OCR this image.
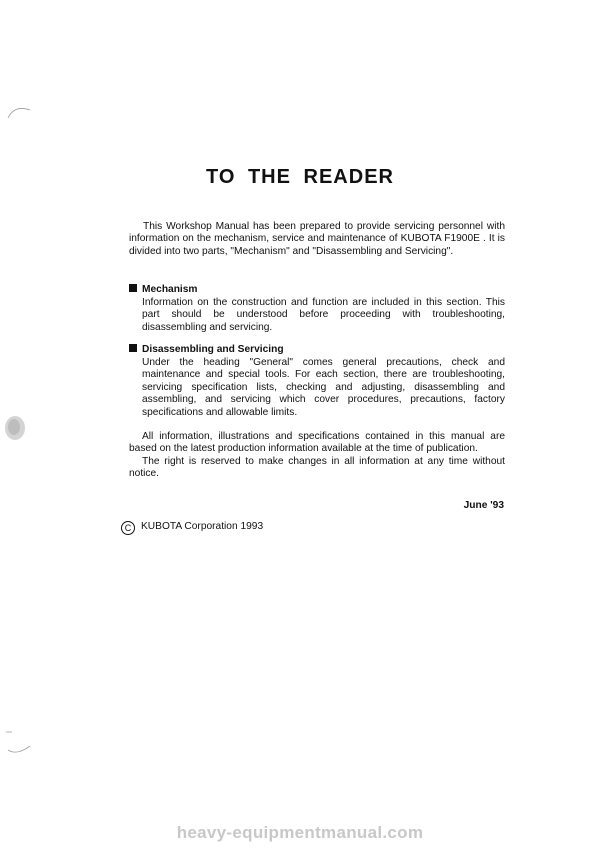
TO THE READER
This Workshop Manual has been prepared to provide servicing personnel with information on the mechanism, service and maintenance of KUBOTA F1900E . It is divided into two parts, "Mechanism" and "Disassembling and Servicing".
Mechanism
Information on the construction and function are included in this section. This part should be understood before proceeding with troubleshooting, disassembling and servicing.
Disassembling and Servicing
Under the heading "General" comes general precautions, check and maintenance and special tools. For each section, there are troubleshooting, servicing specification lists, checking and adjusting, disassembling and assembling, and servicing which cover procedures, precautions, factory specifications and allowable limits.

All information, illustrations and specifications contained in this manual are based on the latest production information available at the time of publication.

The right is reserved to make changes in all information at any time without notice.

June '93
C KUBOTA Corporation 1993
heavy-equipmentmanual.com
